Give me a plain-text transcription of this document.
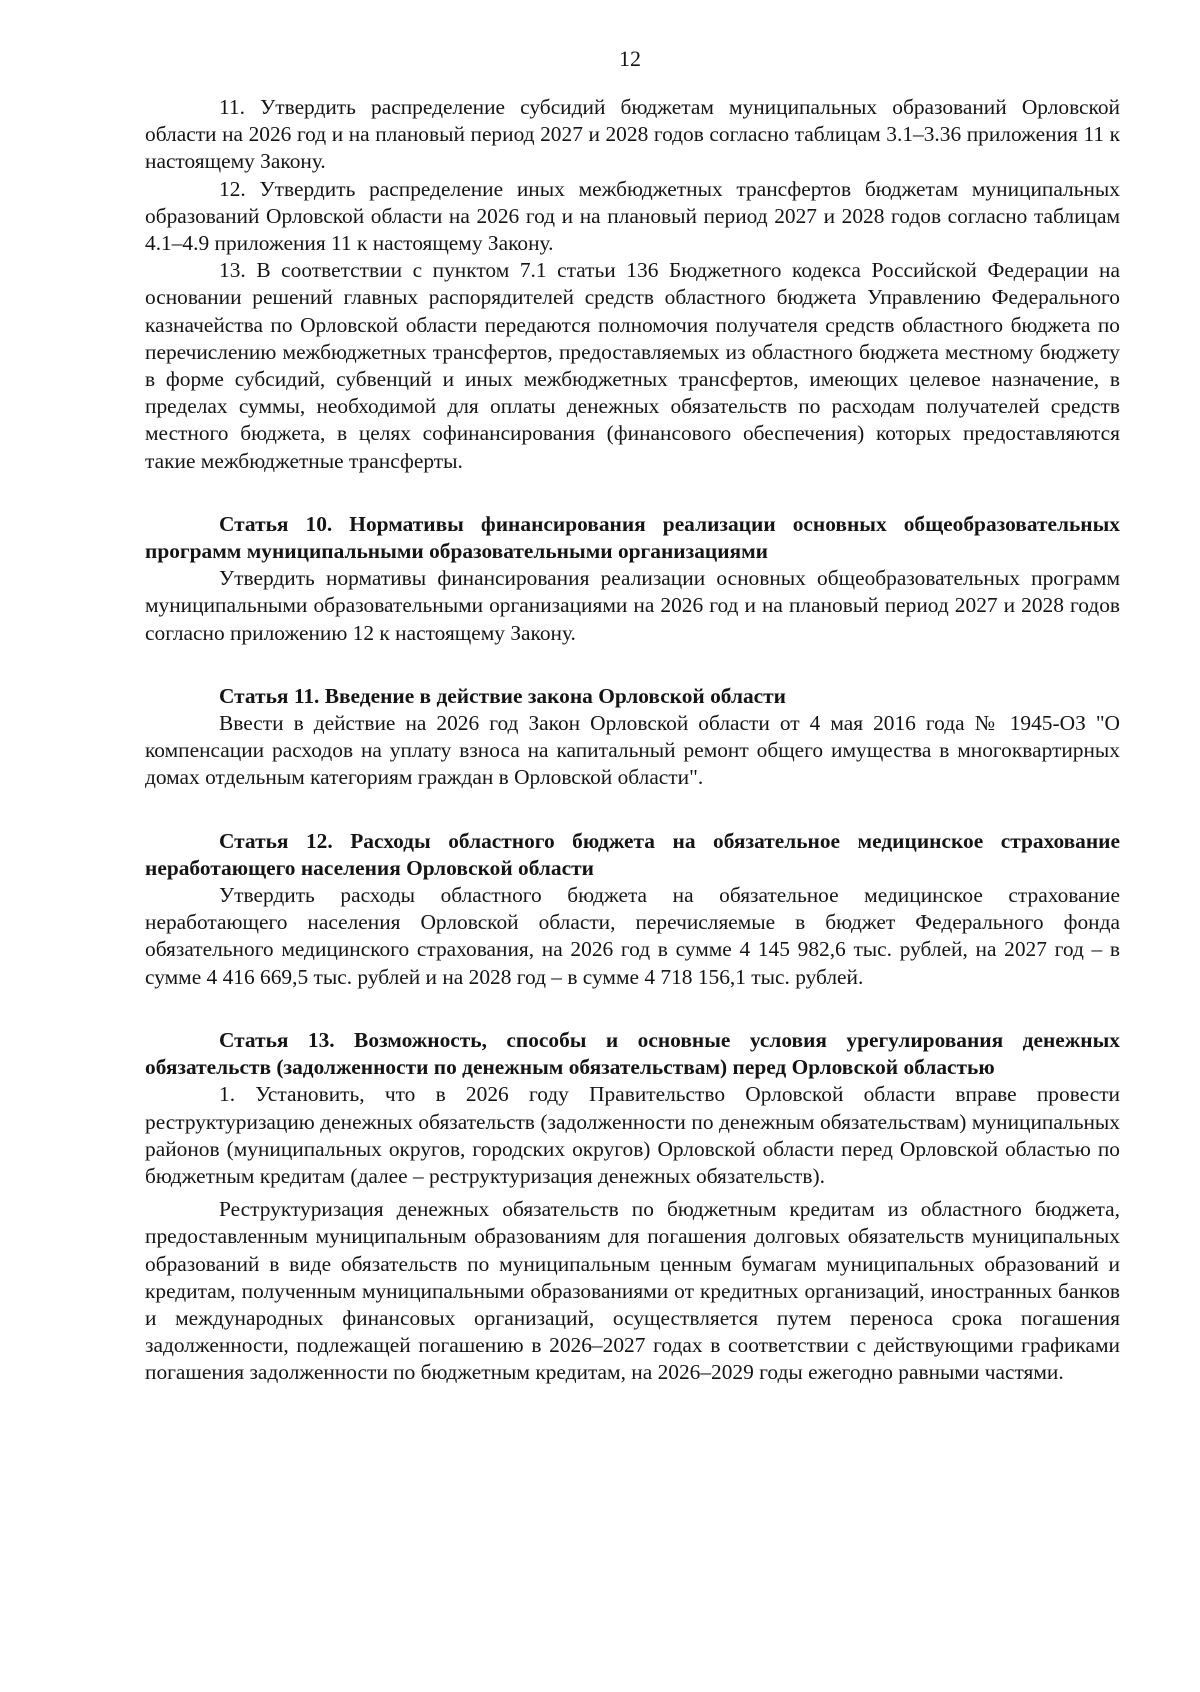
12

11. Утвердить распределение субсидий бюджетам муниципальных образований Орловской области на 2026 год и на плановый период 2027 и 2028 годов согласно таблицам 3.1–3.36 приложения 11 к настоящему Закону.

12. Утвердить распределение иных межбюджетных трансфертов бюджетам муниципальных образований Орловской области на 2026 год и на плановый период 2027 и 2028 годов согласно таблицам 4.1–4.9 приложения 11 к настоящему Закону.

13. В соответствии с пунктом 7.1 статьи 136 Бюджетного кодекса Российской Федерации на основании решений главных распорядителей средств областного бюджета Управлению Федерального казначейства по Орловской области передаются полномочия получателя средств областного бюджета по перечислению межбюджетных трансфертов, предоставляемых из областного бюджета местному бюджету в форме субсидий, субвенций и иных межбюджетных трансфертов, имеющих целевое назначение, в пределах суммы, необходимой для оплаты денежных обязательств по расходам получателей средств местного бюджета, в целях софинансирования (финансового обеспечения) которых предоставляются такие межбюджетные трансферты.

Статья 10. Нормативы финансирования реализации основных общеобразовательных программ муниципальными образовательными организациями

Утвердить нормативы финансирования реализации основных общеобразовательных программ муниципальными образовательными организациями на 2026 год и на плановый период 2027 и 2028 годов согласно приложению 12 к настоящему Закону.

Статья 11. Введение в действие закона Орловской области

Ввести в действие на 2026 год Закон Орловской области от 4 мая 2016 года № 1945-ОЗ "О компенсации расходов на уплату взноса на капитальный ремонт общего имущества в многоквартирных домах отдельным категориям граждан в Орловской области".

Статья 12. Расходы областного бюджета на обязательное медицинское страхование неработающего населения Орловской области

Утвердить расходы областного бюджета на обязательное медицинское страхование неработающего населения Орловской области, перечисляемые в бюджет Федерального фонда обязательного медицинского страхования, на 2026 год в сумме 4 145 982,6 тыс. рублей, на 2027 год – в сумме 4 416 669,5 тыс. рублей и на 2028 год – в сумме 4 718 156,1 тыс. рублей.

Статья 13. Возможность, способы и основные условия урегулирования денежных обязательств (задолженности по денежным обязательствам) перед Орловской областью

1. Установить, что в 2026 году Правительство Орловской области вправе провести реструктуризацию денежных обязательств (задолженности по денежным обязательствам) муниципальных районов (муниципальных округов, городских округов) Орловской области перед Орловской областью по бюджетным кредитам (далее – реструктуризация денежных обязательств).

Реструктуризация денежных обязательств по бюджетным кредитам из областного бюджета, предоставленным муниципальным образованиям для погашения долговых обязательств муниципальных образований в виде обязательств по муниципальным ценным бумагам муниципальных образований и кредитам, полученным муниципальными образованиями от кредитных организаций, иностранных банков и международных финансовых организаций, осуществляется путем переноса срока погашения задолженности, подлежащей погашению в 2026–2027 годах в соответствии с действующими графиками погашения задолженности по бюджетным кредитам, на 2026–2029 годы ежегодно равными частями.
